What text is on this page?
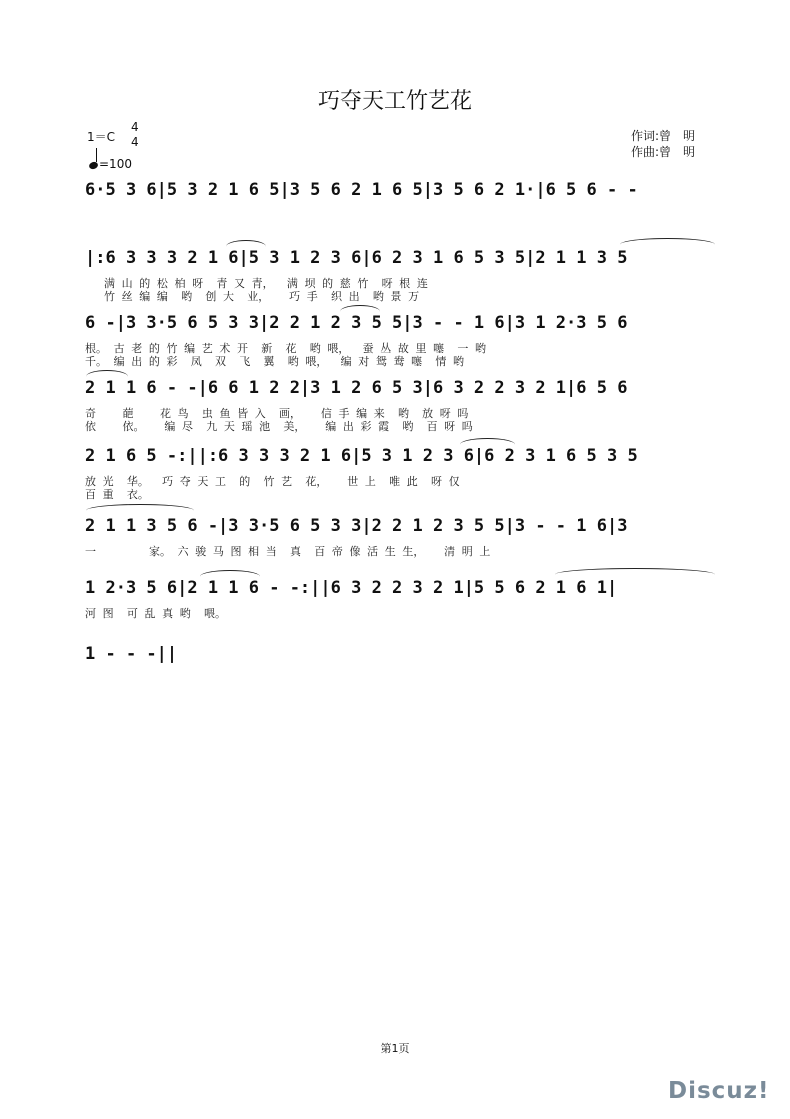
巧夺天工竹艺花
1＝C
4
4
=100
作词:曾　明
作曲:曾　明
6·5 3 6|5 3 2 1 6 5|3 5 6 2 1 6 5|3 5 6 2 1·|6 5 6 - -
|:6 3 3 3 2 1 6|5 3 1 2 3 6|6 2 3 1 6 5 3 5|2 1 1 3 5
满 山 的 松 柏 呀  青 又 青，  满 坝 的 慈 竹  呀 根 连
竹 丝 编 编  哟  创 大  业，   巧 手  织 出  哟 景 万
6 -|3 3·5 6 5 3 3|2 2 1 2 3 5 5|3 - - 1 6|3 1 2·3 5 6
根。 古 老 的 竹 编 艺 术 开  新  花  哟 喂，  蚕 丛 故 里 噻  一 哟
千。 编 出 的 彩  凤  双  飞  翼  哟 喂，  编 对 鸳 鸯 噻  情 哟
2 1 1 6 - -|6 6 1 2 2|3 1 2 6 5 3|6 3 2 2 3 2 1|6 5 6
奇    葩    花 鸟  虫 鱼 皆 入  画，   信 手 编 来  哟  放 呀 吗
依    依。   编 尽  九 天 瑶 池  美，   编 出 彩 霞  哟  百 呀 吗
2 1 6 5 -:||:6 3 3 3 2 1 6|5 3 1 2 3 6|6 2 3 1 6 5 3 5
放 光  华。  巧 夺 天 工  的  竹 艺  花，   世 上  唯 此  呀 仅
百 重  衣。
2 1 1 3 5 6 -|3 3·5 6 5 3 3|2 2 1 2 3 5 5|3 - - 1 6|3
一        家。 六 骏 马 图 相 当  真  百 帝 像 活 生 生，   清 明 上
1 2·3 5 6|2 1 1 6 - -:||6 3 2 2 3 2 1|5 5 6 2 1 6 1|
河 图  可 乱 真 哟  喂。
1 - - -||
第1页
Discuz!
